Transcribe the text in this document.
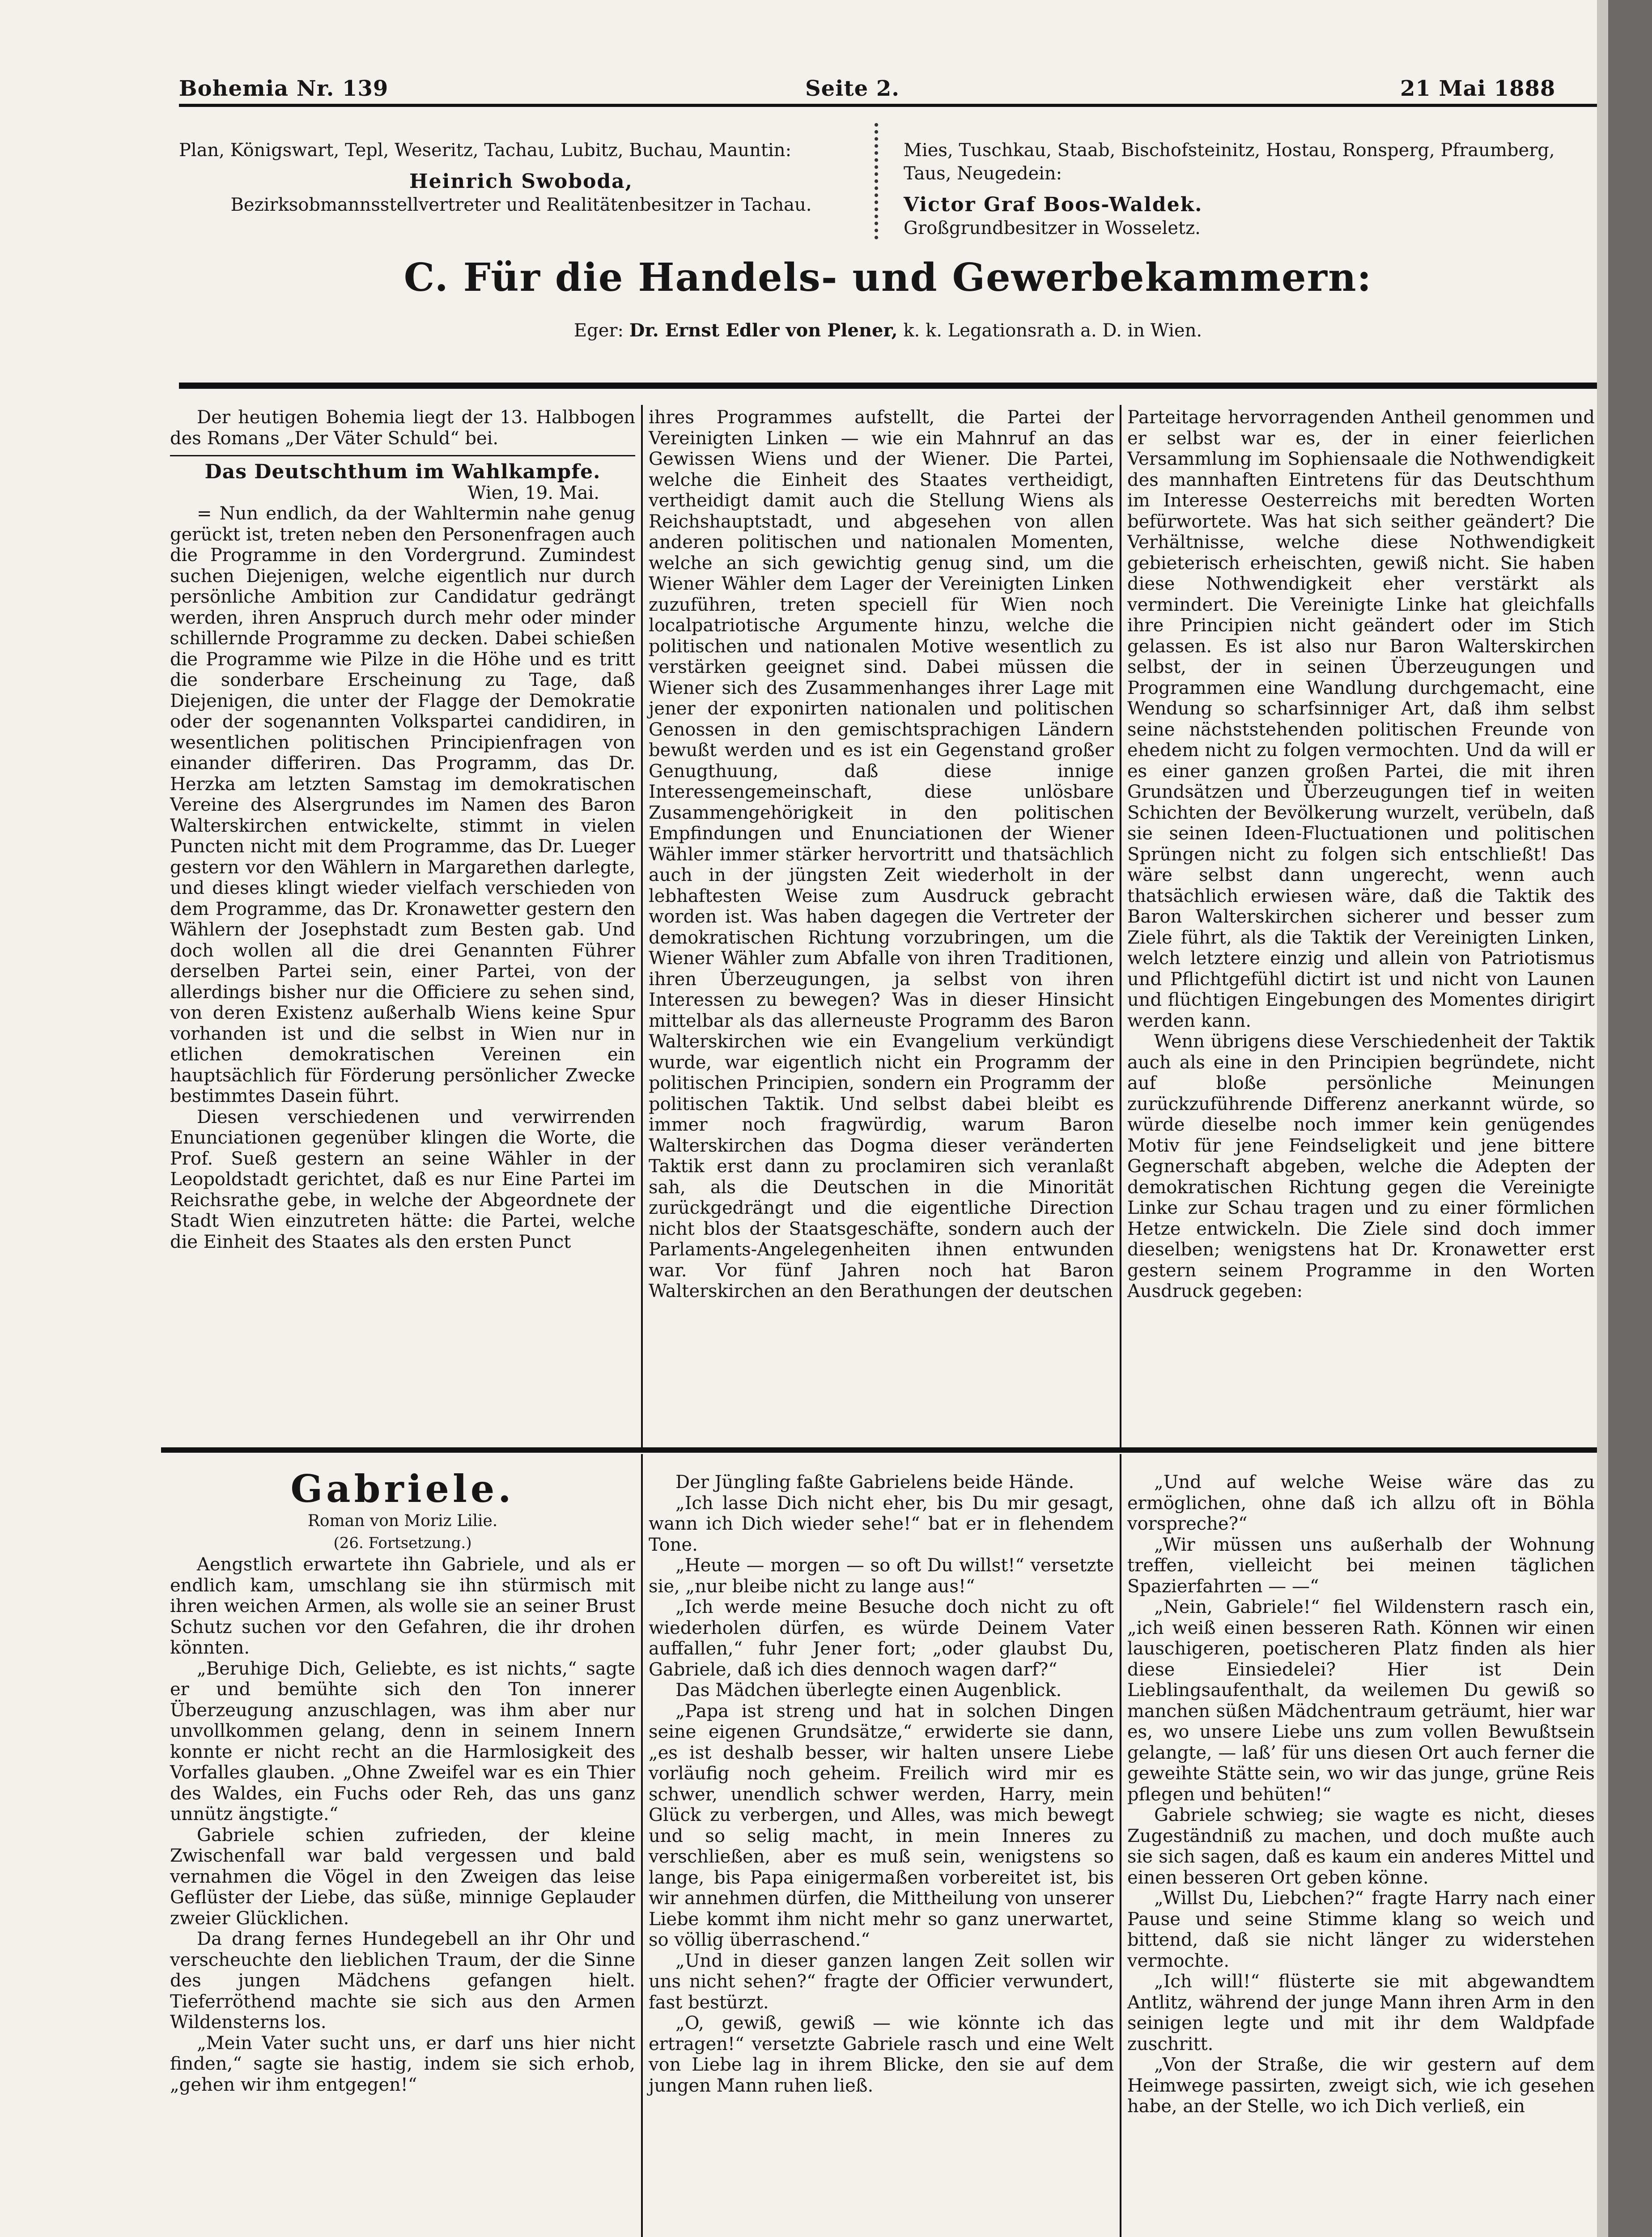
Bohemia Nr. 139	Seite 2.	21 Mai 1888
Plan, Königswart, Tepl, Weseritz, Tachau, Lubitz, Buchau, Mauntin:
Heinrich Swoboda,
Bezirksobmannsstellvertreter und Realitätenbesitzer in Tachau.
Mies, Tuschkau, Staab, Bischofsteinitz, Hostau, Ronsperg, Pfraumberg, Taus, Neugedein:
Victor Graf Boos-Waldek.
Großgrundbesitzer in Wosseletz.
C. Für die Handels- und Gewerbekammern:
Eger: Dr. Ernst Edler von Plener, k. k. Legationsrath a. D. in Wien.

Der heutigen Bohemia liegt der 13. Halbbogen des Romans „Der Väter Schuld“ bei.

Das Deutschthum im Wahlkampfe.
Wien, 19. Mai.

= Nun endlich, da der Wahltermin nahe genug gerückt ist, treten neben den Personenfragen auch die Programme in den Vordergrund. Zumindest suchen Diejenigen, welche eigentlich nur durch persönliche Ambition zur Candidatur gedrängt werden, ihren Anspruch durch mehr oder minder schillernde Programme zu decken. Dabei schießen die Programme wie Pilze in die Höhe und es tritt die sonderbare Erscheinung zu Tage, daß Diejenigen, die unter der Flagge der Demokratie oder der sogenannten Volkspartei candidiren, in wesentlichen politischen Principienfragen von einander differiren. Das Programm, das Dr. Herzka am letzten Samstag im demokratischen Vereine des Alsergrundes im Namen des Baron Walterskirchen entwickelte, stimmt in vielen Puncten nicht mit dem Programme, das Dr. Lueger gestern vor den Wählern in Margarethen darlegte, und dieses klingt wieder vielfach verschieden von dem Programme, das Dr. Kronawetter gestern den Wählern der Josephstadt zum Besten gab. Und doch wollen all die drei Genannten Führer derselben Partei sein, einer Partei, von der allerdings bisher nur die Officiere zu sehen sind, von deren Existenz außerhalb Wiens keine Spur vorhanden ist und die selbst in Wien nur in etlichen demokratischen Vereinen ein hauptsächlich für Förderung persönlicher Zwecke bestimmtes Dasein führt.

Diesen verschiedenen und verwirrenden Enunciationen gegenüber klingen die Worte, die Prof. Sueß gestern an seine Wähler in der Leopoldstadt gerichtet, daß es nur Eine Partei im Reichsrathe gebe, in welche der Abgeordnete der Stadt Wien einzutreten hätte: die Partei, welche die Einheit des Staates als den ersten Punct

ihres Programmes aufstellt, die Partei der Vereinigten Linken — wie ein Mahnruf an das Gewissen Wiens und der Wiener. Die Partei, welche die Einheit des Staates vertheidigt, vertheidigt damit auch die Stellung Wiens als Reichshauptstadt, und abgesehen von allen anderen politischen und nationalen Momenten, welche an sich gewichtig genug sind, um die Wiener Wähler dem Lager der Vereinigten Linken zuzuführen, treten speciell für Wien noch localpatriotische Argumente hinzu, welche die politischen und nationalen Motive wesentlich zu verstärken geeignet sind. Dabei müssen die Wiener sich des Zusammenhanges ihrer Lage mit jener der exponirten nationalen und politischen Genossen in den gemischtsprachigen Ländern bewußt werden und es ist ein Gegenstand großer Genugthuung, daß diese innige Interessengemeinschaft, diese unlösbare Zusammengehörigkeit in den politischen Empfindungen und Enunciationen der Wiener Wähler immer stärker hervortritt und thatsächlich auch in der jüngsten Zeit wiederholt in der lebhaftesten Weise zum Ausdruck gebracht worden ist. Was haben dagegen die Vertreter der demokratischen Richtung vorzubringen, um die Wiener Wähler zum Abfalle von ihren Traditionen, ihren Überzeugungen, ja selbst von ihren Interessen zu bewegen? Was in dieser Hinsicht mittelbar als das allerneuste Programm des Baron Walterskirchen wie ein Evangelium verkündigt wurde, war eigentlich nicht ein Programm der politischen Principien, sondern ein Programm der politischen Taktik. Und selbst dabei bleibt es immer noch fragwürdig, warum Baron Walterskirchen das Dogma dieser veränderten Taktik erst dann zu proclamiren sich veranlaßt sah, als die Deutschen in die Minorität zurückgedrängt und die eigentliche Direction nicht blos der Staatsgeschäfte, sondern auch der Parlaments-Angelegenheiten ihnen entwunden war. Vor fünf Jahren noch hat Baron Walterskirchen an den Berathungen der deutschen

Parteitage hervorragenden Antheil genommen und er selbst war es, der in einer feierlichen Versammlung im Sophiensaale die Nothwendigkeit des mannhaften Eintretens für das Deutschthum im Interesse Oesterreichs mit beredten Worten befürwortete. Was hat sich seither geändert? Die Verhältnisse, welche diese Nothwendigkeit gebieterisch erheischten, gewiß nicht. Sie haben diese Nothwendigkeit eher verstärkt als vermindert. Die Vereinigte Linke hat gleichfalls ihre Principien nicht geändert oder im Stich gelassen. Es ist also nur Baron Walterskirchen selbst, der in seinen Überzeugungen und Programmen eine Wandlung durchgemacht, eine Wendung so scharfsinniger Art, daß ihm selbst seine nächststehenden politischen Freunde von ehedem nicht zu folgen vermochten. Und da will er es einer ganzen großen Partei, die mit ihren Grundsätzen und Überzeugungen tief in weiten Schichten der Bevölkerung wurzelt, verübeln, daß sie seinen Ideen-Fluctuationen und politischen Sprüngen nicht zu folgen sich entschließt! Das wäre selbst dann ungerecht, wenn auch thatsächlich erwiesen wäre, daß die Taktik des Baron Walterskirchen sicherer und besser zum Ziele führt, als die Taktik der Vereinigten Linken, welch letztere einzig und allein von Patriotismus und Pflichtgefühl dictirt ist und nicht von Launen und flüchtigen Eingebungen des Momentes dirigirt werden kann.

Wenn übrigens diese Verschiedenheit der Taktik auch als eine in den Principien begründete, nicht auf bloße persönliche Meinungen zurückzuführende Differenz anerkannt würde, so würde dieselbe noch immer kein genügendes Motiv für jene Feindseligkeit und jene bittere Gegnerschaft abgeben, welche die Adepten der demokratischen Richtung gegen die Vereinigte Linke zur Schau tragen und zu einer förmlichen Hetze entwickeln. Die Ziele sind doch immer dieselben; wenigstens hat Dr. Kronawetter erst gestern seinem Programme in den Worten Ausdruck gegeben:

Gabriele.
Roman von Moriz Lilie.
(26. Fortsetzung.)

Aengstlich erwartete ihn Gabriele, und als er endlich kam, umschlang sie ihn stürmisch mit ihren weichen Armen, als wolle sie an seiner Brust Schutz suchen vor den Gefahren, die ihr drohen könnten.

„Beruhige Dich, Geliebte, es ist nichts,“ sagte er und bemühte sich den Ton innerer Überzeugung anzuschlagen, was ihm aber nur unvollkommen gelang, denn in seinem Innern konnte er nicht recht an die Harmlosigkeit des Vorfalles glauben. „Ohne Zweifel war es ein Thier des Waldes, ein Fuchs oder Reh, das uns ganz unnütz ängstigte.“

Gabriele schien zufrieden, der kleine Zwischenfall war bald vergessen und bald vernahmen die Vögel in den Zweigen das leise Geflüster der Liebe, das süße, minnige Geplauder zweier Glücklichen.

Da drang fernes Hundegebell an ihr Ohr und verscheuchte den lieblichen Traum, der die Sinne des jungen Mädchens gefangen hielt. Tieferröthend machte sie sich aus den Armen Wildensterns los.

„Mein Vater sucht uns, er darf uns hier nicht finden,“ sagte sie hastig, indem sie sich erhob, „gehen wir ihm entgegen!“

Der Jüngling faßte Gabrielens beide Hände.

„Ich lasse Dich nicht eher, bis Du mir gesagt, wann ich Dich wieder sehe!“ bat er in flehendem Tone.

„Heute — morgen — so oft Du willst!“ versetzte sie, „nur bleibe nicht zu lange aus!“

„Ich werde meine Besuche doch nicht zu oft wiederholen dürfen, es würde Deinem Vater auffallen,“ fuhr Jener fort; „oder glaubst Du, Gabriele, daß ich dies dennoch wagen darf?“

Das Mädchen überlegte einen Augenblick.

„Papa ist streng und hat in solchen Dingen seine eigenen Grundsätze,“ erwiderte sie dann, „es ist deshalb besser, wir halten unsere Liebe vorläufig noch geheim. Freilich wird mir es schwer, unendlich schwer werden, Harry, mein Glück zu verbergen, und Alles, was mich bewegt und so selig macht, in mein Inneres zu verschließen, aber es muß sein, wenigstens so lange, bis Papa einigermaßen vorbereitet ist, bis wir annehmen dürfen, die Mittheilung von unserer Liebe kommt ihm nicht mehr so ganz unerwartet, so völlig überraschend.“

„Und in dieser ganzen langen Zeit sollen wir uns nicht sehen?“ fragte der Officier verwundert, fast bestürzt.

„O, gewiß, gewiß — wie könnte ich das ertragen!“ versetzte Gabriele rasch und eine Welt von Liebe lag in ihrem Blicke, den sie auf dem jungen Mann ruhen ließ.

„Und auf welche Weise wäre das zu ermöglichen, ohne daß ich allzu oft in Böhla vorspreche?“

„Wir müssen uns außerhalb der Wohnung treffen, vielleicht bei meinen täglichen Spazierfahrten — —“

„Nein, Gabriele!“ fiel Wildenstern rasch ein, „ich weiß einen besseren Rath. Können wir einen lauschigeren, poetischeren Platz finden als hier diese Einsiedelei? Hier ist Dein Lieblingsaufenthalt, da weilemen Du gewiß so manchen süßen Mädchentraum geträumt, hier war es, wo unsere Liebe uns zum vollen Bewußtsein gelangte, — laß’ für uns diesen Ort auch ferner die geweihte Stätte sein, wo wir das junge, grüne Reis pflegen und behüten!“

Gabriele schwieg; sie wagte es nicht, dieses Zugeständniß zu machen, und doch mußte auch sie sich sagen, daß es kaum ein anderes Mittel und einen besseren Ort geben könne.

„Willst Du, Liebchen?“ fragte Harry nach einer Pause und seine Stimme klang so weich und bittend, daß sie nicht länger zu widerstehen vermochte.

„Ich will!“ flüsterte sie mit abgewandtem Antlitz, während der junge Mann ihren Arm in den seinigen legte und mit ihr dem Waldpfade zuschritt.

„Von der Straße, die wir gestern auf dem Heimwege passirten, zweigt sich, wie ich gesehen habe, an der Stelle, wo ich Dich verließ, ein
